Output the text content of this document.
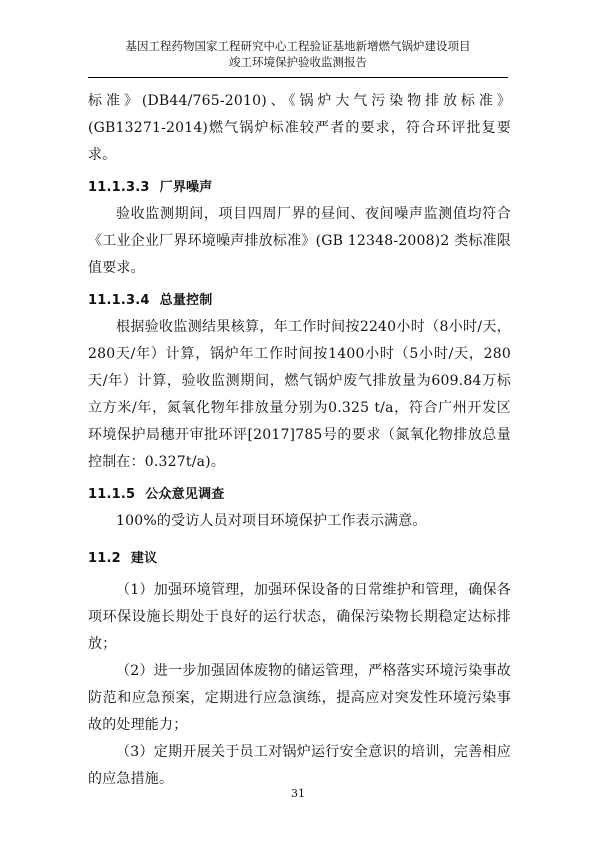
基因工程药物国家工程研究中心工程验证基地新增燃气锅炉建设项目
竣工环境保护验收监测报告

标准》(DB44/765-2010)、《锅炉大气污染物排放标准》(GB13271-2014)燃气锅炉标准较严者的要求，符合环评批复要求。

11.1.3.3 厂界噪声

验收监测期间，项目四周厂界的昼间、夜间噪声监测值均符合《工业企业厂界环境噪声排放标准》(GB 12348-2008)2 类标准限值要求。

11.1.3.4 总量控制

根据验收监测结果核算，年工作时间按2240小时（8小时/天，280天/年）计算，锅炉年工作时间按1400小时（5小时/天，280天/年）计算，验收监测期间，燃气锅炉废气排放量为609.84万标立方米/年，氮氧化物年排放量分别为0.325 t/a，符合广州开发区环境保护局穗开审批环评[2017]785号的要求（氮氧化物排放总量控制在：0.327t/a)。

11.1.5 公众意见调查

100%的受访人员对项目环境保护工作表示满意。

11.2 建议

（1）加强环境管理，加强环保设备的日常维护和管理，确保各项环保设施长期处于良好的运行状态，确保污染物长期稳定达标排放；

（2）进一步加强固体废物的储运管理，严格落实环境污染事故防范和应急预案，定期进行应急演练，提高应对突发性环境污染事故的处理能力；

（3）定期开展关于员工对锅炉运行安全意识的培训，完善相应的应急措施。

31
